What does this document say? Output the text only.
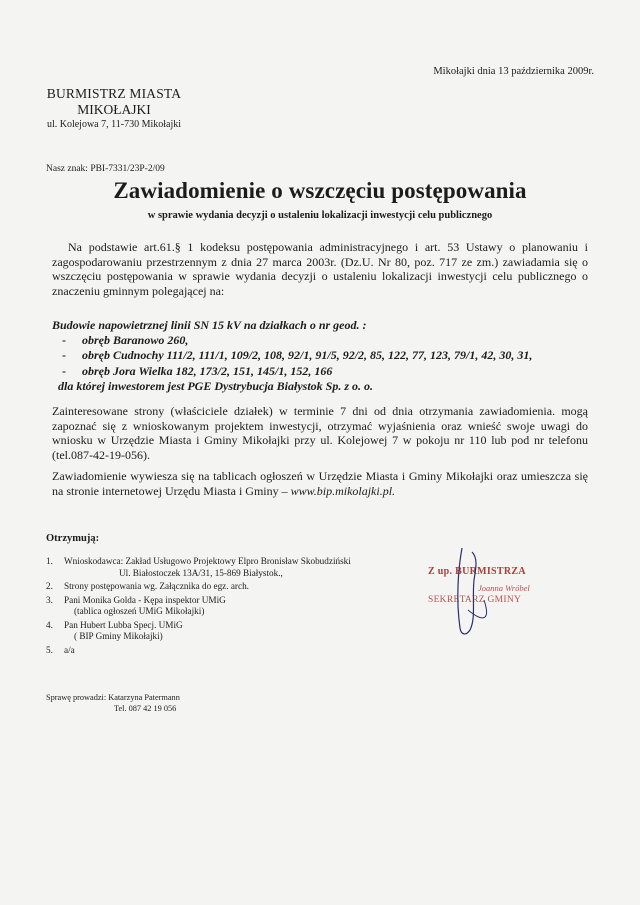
Mikołajki dnia 13 października 2009r.
BURMISTRZ MIASTA
MIKOŁAJKI
ul. Kolejowa 7, 11-730 Mikołajki
Nasz znak: PBI-7331/23P-2/09
Zawiadomienie o wszczęciu postępowania
w sprawie wydania decyzji o ustaleniu lokalizacji inwestycji celu publicznego
Na podstawie art.61.§ 1 kodeksu postępowania administracyjnego i art. 53 Ustawy o planowaniu i zagospodarowaniu przestrzennym z dnia 27 marca 2003r. (Dz.U. Nr 80, poz. 717 ze zm.) zawiadamia się o wszczęciu postępowania w sprawie wydania decyzji o ustaleniu lokalizacji inwestycji celu publicznego o znaczeniu gminnym polegającej na:
Budowie napowietrznej linii SN 15 kV na działkach o nr geod. :
- obręb Baranowo 260,
- obręb Cudnochy 111/2, 111/1, 109/2, 108, 92/1, 91/5, 92/2, 85, 122, 77, 123, 79/1, 42, 30, 31,
- obręb Jora Wielka 182, 173/2, 151, 145/1, 152, 166
dla której inwestorem jest PGE Dystrybucja Białystok Sp. z o. o.
Zainteresowane strony (właściciele działek) w terminie 7 dni od dnia otrzymania zawiadomienia. mogą zapoznać się z wnioskowanym projektem inwestycji, otrzymać wyjaśnienia oraz wnieść swoje uwagi do wniosku w Urzędzie Miasta i Gminy Mikołajki przy ul. Kolejowej 7 w pokoju nr 110 lub pod nr telefonu (tel.087-42-19-056).
Zawiadomienie wywiesza się na tablicach ogłoszeń w Urzędzie Miasta i Gminy Mikołajki oraz umieszcza się na stronie internetowej Urzędu Miasta i Gminy – www.bip.mikolajki.pl.
Otrzymują:
1.	Wnioskodawca: Zakład Usługowo Projektowy Elpro Bronisław Skobudziński
Ul. Białostoczek 13A/31, 15-869 Białystok.,
2.	Strony postępowania wg. Załącznika do egz. arch.
3.	Pani Monika Golda - Kępa inspektor UMiG
(tablica ogłoszeń UMiG Mikołajki)
4.	Pan Hubert Lubba Specj. UMiG
( BIP Gminy Mikołajki)
5.	a/a
Z up. BURMISTRZA
Joanna Wróbel
SEKRETARZ GMINY
Sprawę prowadzi: Katarzyna Patermann
Tel. 087 42 19 056
